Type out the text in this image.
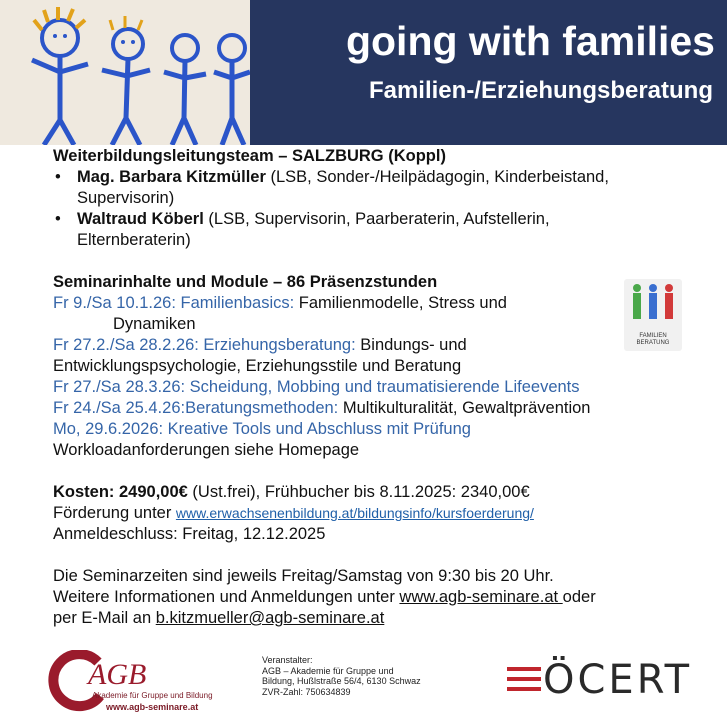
going with families
Familien-/Erziehungsberatung
Weiterbildungsleitungsteam – SALZBURG (Koppl)
• Mag. Barbara Kitzmüller (LSB, Sonder-/Heilpädagogin, Kinderbeistand,
Supervisorin)
• Waltraud Köberl (LSB, Supervisorin, Paarberaterin, Aufstellerin,
Elternberaterin)
Seminarinhalte und Module – 86 Präsenzstunden
Fr 9./Sa 10.1.26: Familienbasics: Familienmodelle, Stress und
Dynamiken
Fr 27.2./Sa 28.2.26: Erziehungsberatung: Bindungs- und
Entwicklungspsychologie, Erziehungsstile und Beratung
Fr 27./Sa 28.3.26: Scheidung, Mobbing und traumatisierende Lifeevents
Fr 24./Sa 25.4.26:Beratungsmethoden: Multikulturalität, Gewaltprävention
Mo, 29.6.2026: Kreative Tools und Abschluss mit Prüfung
Workloadanforderungen siehe Homepage
Kosten: 2490,00€ (Ust.frei), Frühbucher bis 8.11.2025: 2340,00€
Förderung unter www.erwachsenenbildung.at/bildungsinfo/kursfoerderung/
Anmeldeschluss: Freitag, 12.12.2025
Die Seminarzeiten sind jeweils Freitag/Samstag von 9:30 bis 20 Uhr.
Weitere Informationen und Anmeldungen unter www.agb-seminare.at oder
per E-Mail an b.kitzmueller@agb-seminare.at
FAMILIEN
BERATUNG
AGB
Akademie für Gruppe und Bildung
www.agb-seminare.at
Veranstalter:
AGB – Akademie für Gruppe und
Bildung, Hußlstraße 56/4, 6130 Schwaz
ZVR-Zahl: 750634839	ÖCERT
